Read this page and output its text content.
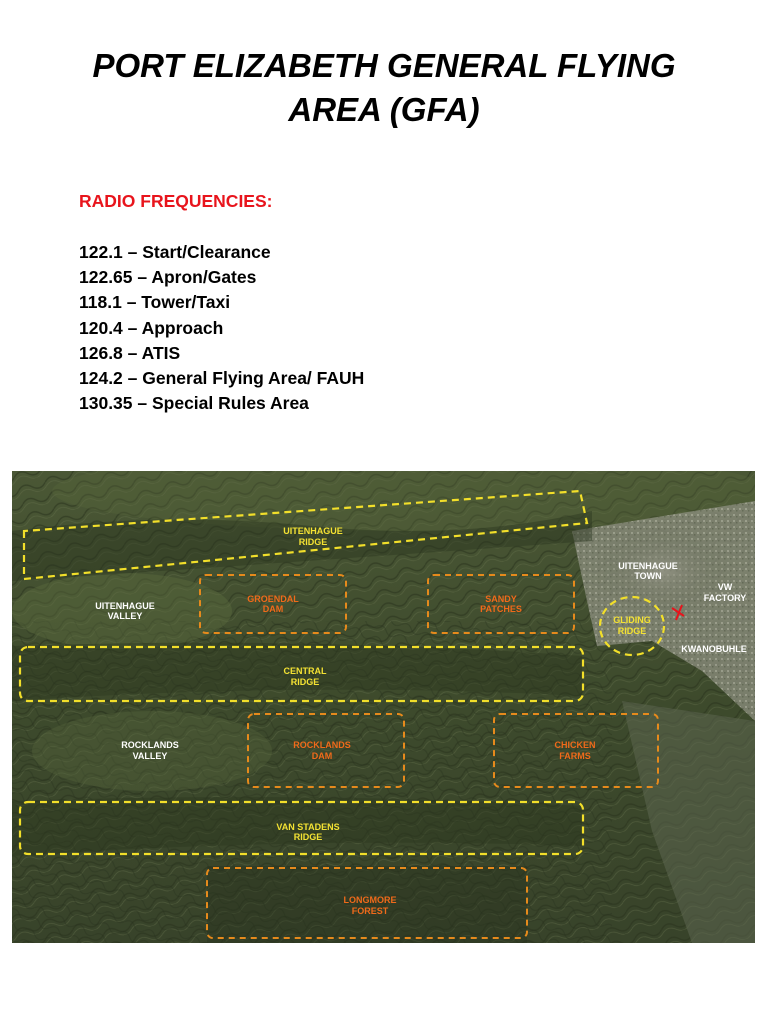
PORT ELIZABETH GENERAL FLYING
AREA (GFA)
RADIO FREQUENCIES:
122.1 – Start/Clearance
122.65 – Apron/Gates
118.1 – Tower/Taxi
120.4 – Approach
126.8 – ATIS
124.2 – General Flying Area/ FAUH
130.35 – Special Rules Area
UITENHAGUE
RIDGE
UITENHAGUE
TOWN
VW
FACTORY
UITENHAGUE
VALLEY
GROENDAL
DAM
SANDY
PATCHES
GLIDING
RIDGE
KWANOBUHLE
CENTRAL
RIDGE
ROCKLANDS
VALLEY
ROCKLANDS
DAM
CHICKEN
FARMS
VAN STADENS
RIDGE
LONGMORE
FOREST
